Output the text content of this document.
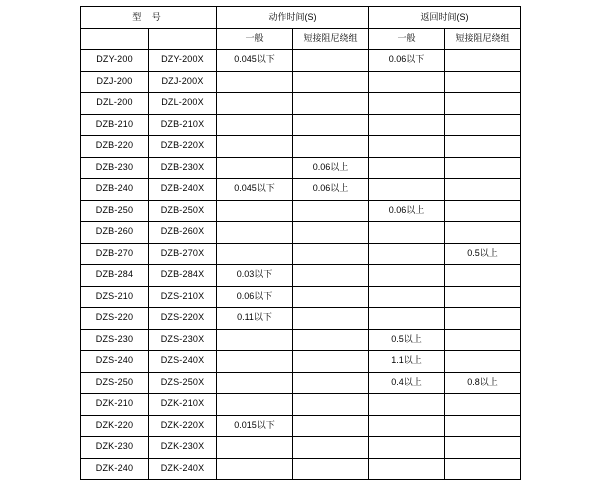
型 号		动作时间(S)		返回时间(S)	
		一般	短接阻尼绕组	一般	短接阻尼绕组
DZY-200	DZY-200X	0.045以下		0.06以下	
DZJ-200	DZJ-200X				
DZL-200	DZL-200X				
DZB-210	DZB-210X				
DZB-220	DZB-220X				
DZB-230	DZB-230X		0.06以上		
DZB-240	DZB-240X	0.045以下	0.06以上		
DZB-250	DZB-250X			0.06以上	
DZB-260	DZB-260X				
DZB-270	DZB-270X				0.5以上
DZB-284	DZB-284X	0.03以下			
DZS-210	DZS-210X	0.06以下			
DZS-220	DZS-220X	0.11以下			
DZS-230	DZS-230X			0.5以上	
DZS-240	DZS-240X			1.1以上	
DZS-250	DZS-250X			0.4以上	0.8以上
DZK-210	DZK-210X				
DZK-220	DZK-220X	0.015以下			
DZK-230	DZK-230X				
DZK-240	DZK-240X				
